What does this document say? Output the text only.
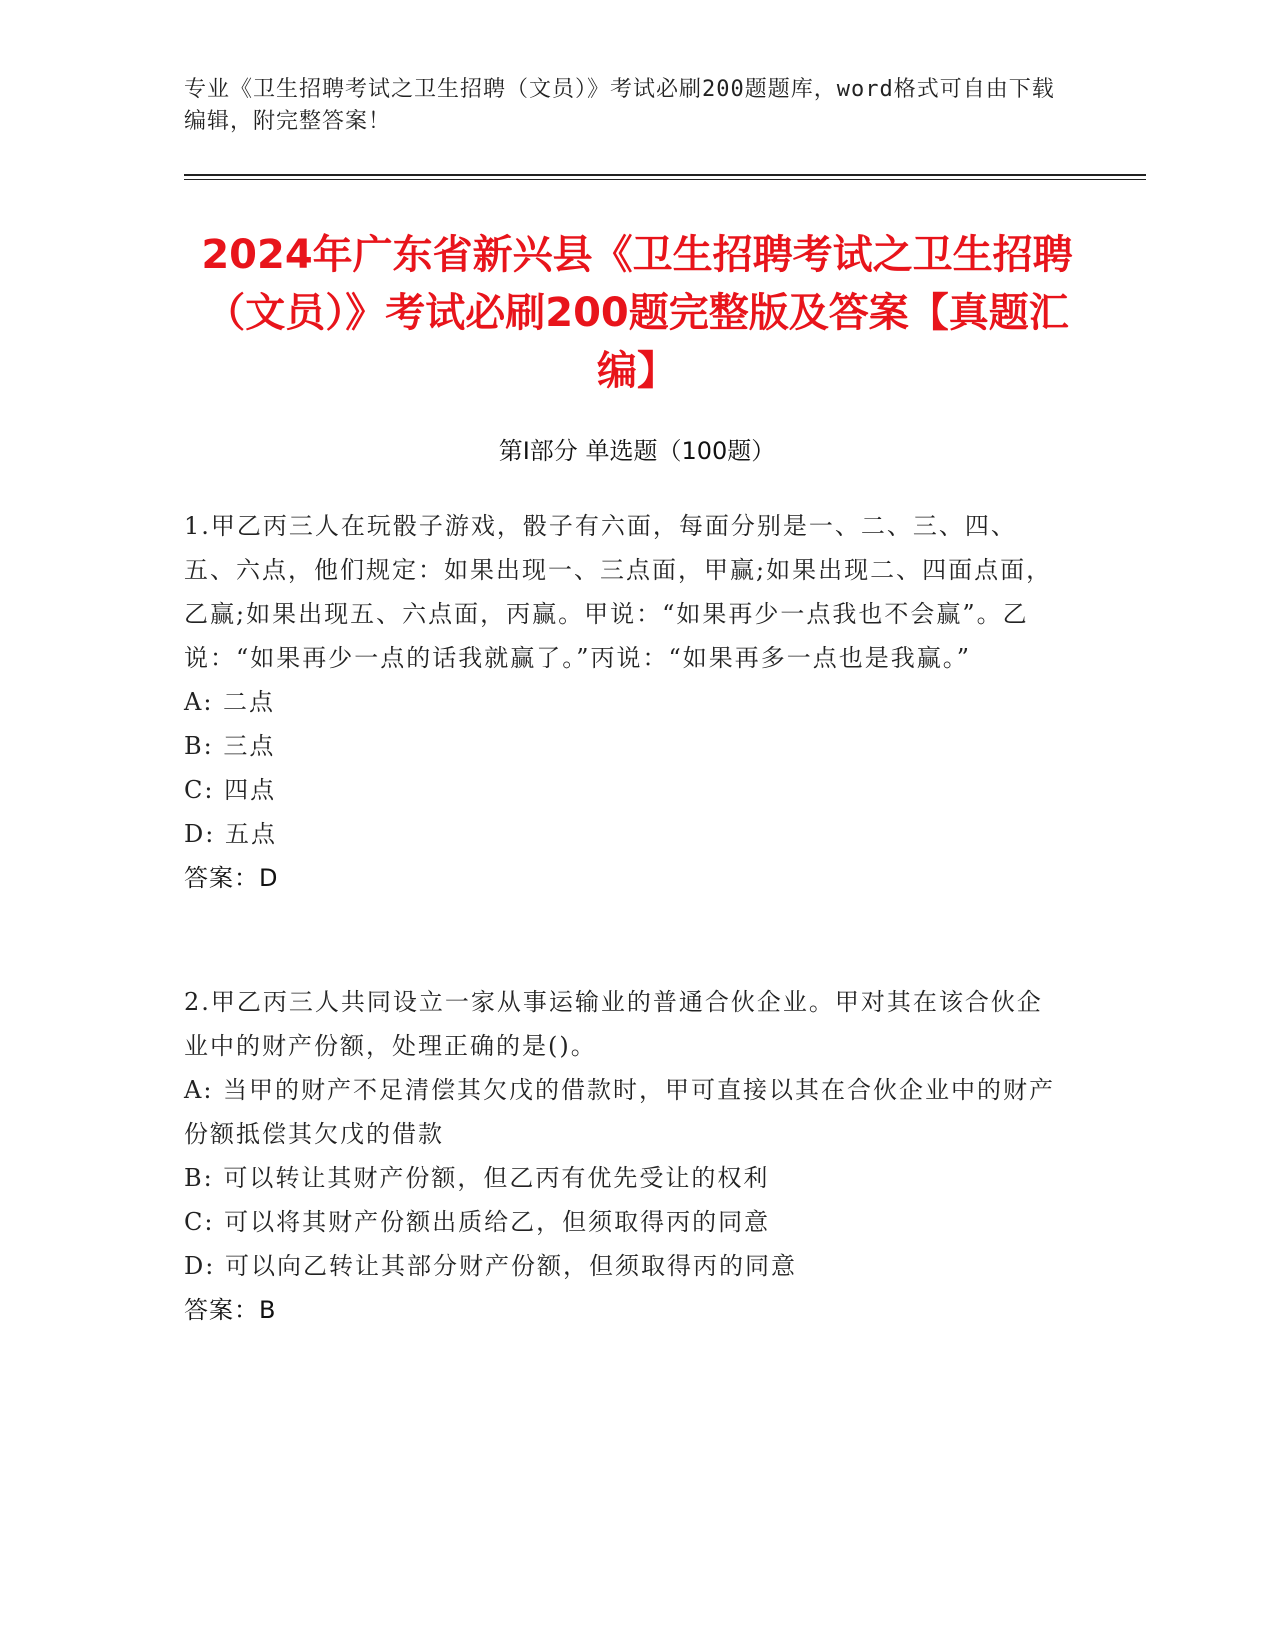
专业《卫生招聘考试之卫生招聘（文员）》考试必刷200题题库，word格式可自由下载编辑，附完整答案！
2024年广东省新兴县《卫生招聘考试之卫生招聘（文员）》考试必刷200题完整版及答案【真题汇编】
第Ⅰ部分 单选题（100题）

1.甲乙丙三人在玩骰子游戏，骰子有六面，每面分别是一、二、三、四、五、六点，他们规定：如果出现一、三点面，甲赢;如果出现二、四面点面，乙赢;如果出现五、六点面，丙赢。甲说：“如果再少一点我也不会赢”。乙说：“如果再少一点的话我就赢了。”丙说：“如果再多一点也是我赢。”

A: 二点

B: 三点

C: 四点

D: 五点

答案：D

2.甲乙丙三人共同设立一家从事运输业的普通合伙企业。甲对其在该合伙企业中的财产份额，处理正确的是()。

A: 当甲的财产不足清偿其欠戊的借款时，甲可直接以其在合伙企业中的财产份额抵偿其欠戊的借款

B: 可以转让其财产份额，但乙丙有优先受让的权利

C: 可以将其财产份额出质给乙，但须取得丙的同意

D: 可以向乙转让其部分财产份额，但须取得丙的同意

答案：B
